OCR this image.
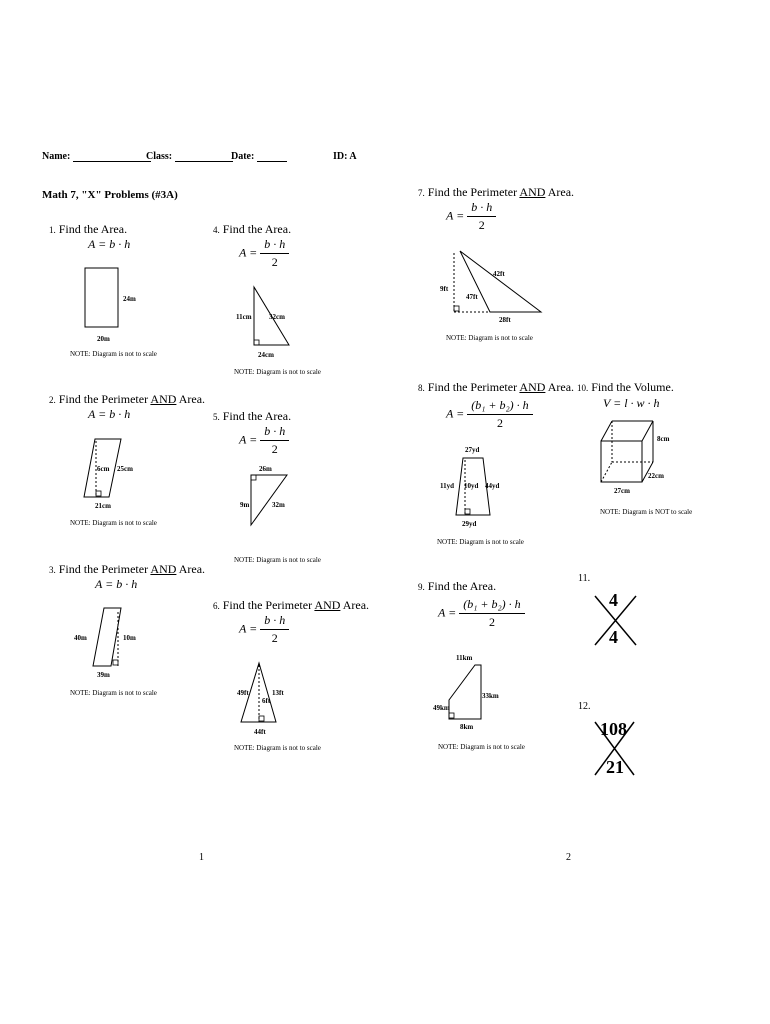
Name:	Class:	Date:	ID: A
Math 7, "X" Problems (#3A)
1. Find the Area.
A = b · h
24m
20m
NOTE: Diagram is not to scale
2. Find the Perimeter AND Area.
A = b · h
6cm 25cm
21cm
NOTE: Diagram is not to scale
3. Find the Perimeter AND Area.
A = b · h
40m	10m
39m
NOTE: Diagram is not to scale
4. Find the Area.
$A = \frac{b \cdot h}{2}$
11cm 32cm
24cm
NOTE: Diagram is not to scale
5. Find the Area.
$A = \frac{b \cdot h}{2}$
26m
9m	32m
NOTE: Diagram is not to scale
6. Find the Perimeter AND Area.
$A = \frac{b \cdot h}{2}$
49ft	13ft
6ft
44ft
NOTE: Diagram is not to scale
7. Find the Perimeter AND Area.
$A = \frac{b \cdot h}{2}$
42ft
9ft
47ft
28ft
NOTE: Diagram is not to scale
8. Find the Perimeter AND Area.
$A = \frac{\text{(b₁ + b₂) · h}}{2}$
27yd
11yd 10yd 44yd
29yd
NOTE: Diagram is not to scale
9. Find the Area.
$A = \frac{\text{(b₁ + b₂) · h}}{2}$
11km
49km
33km
8km
NOTE: Diagram is not to scale
10. Find the Volume.
V = l · w · h
8cm
22cm
27cm
NOTE: Diagram is NOT to scale
11.
4
4
12.
108
21
1	2
